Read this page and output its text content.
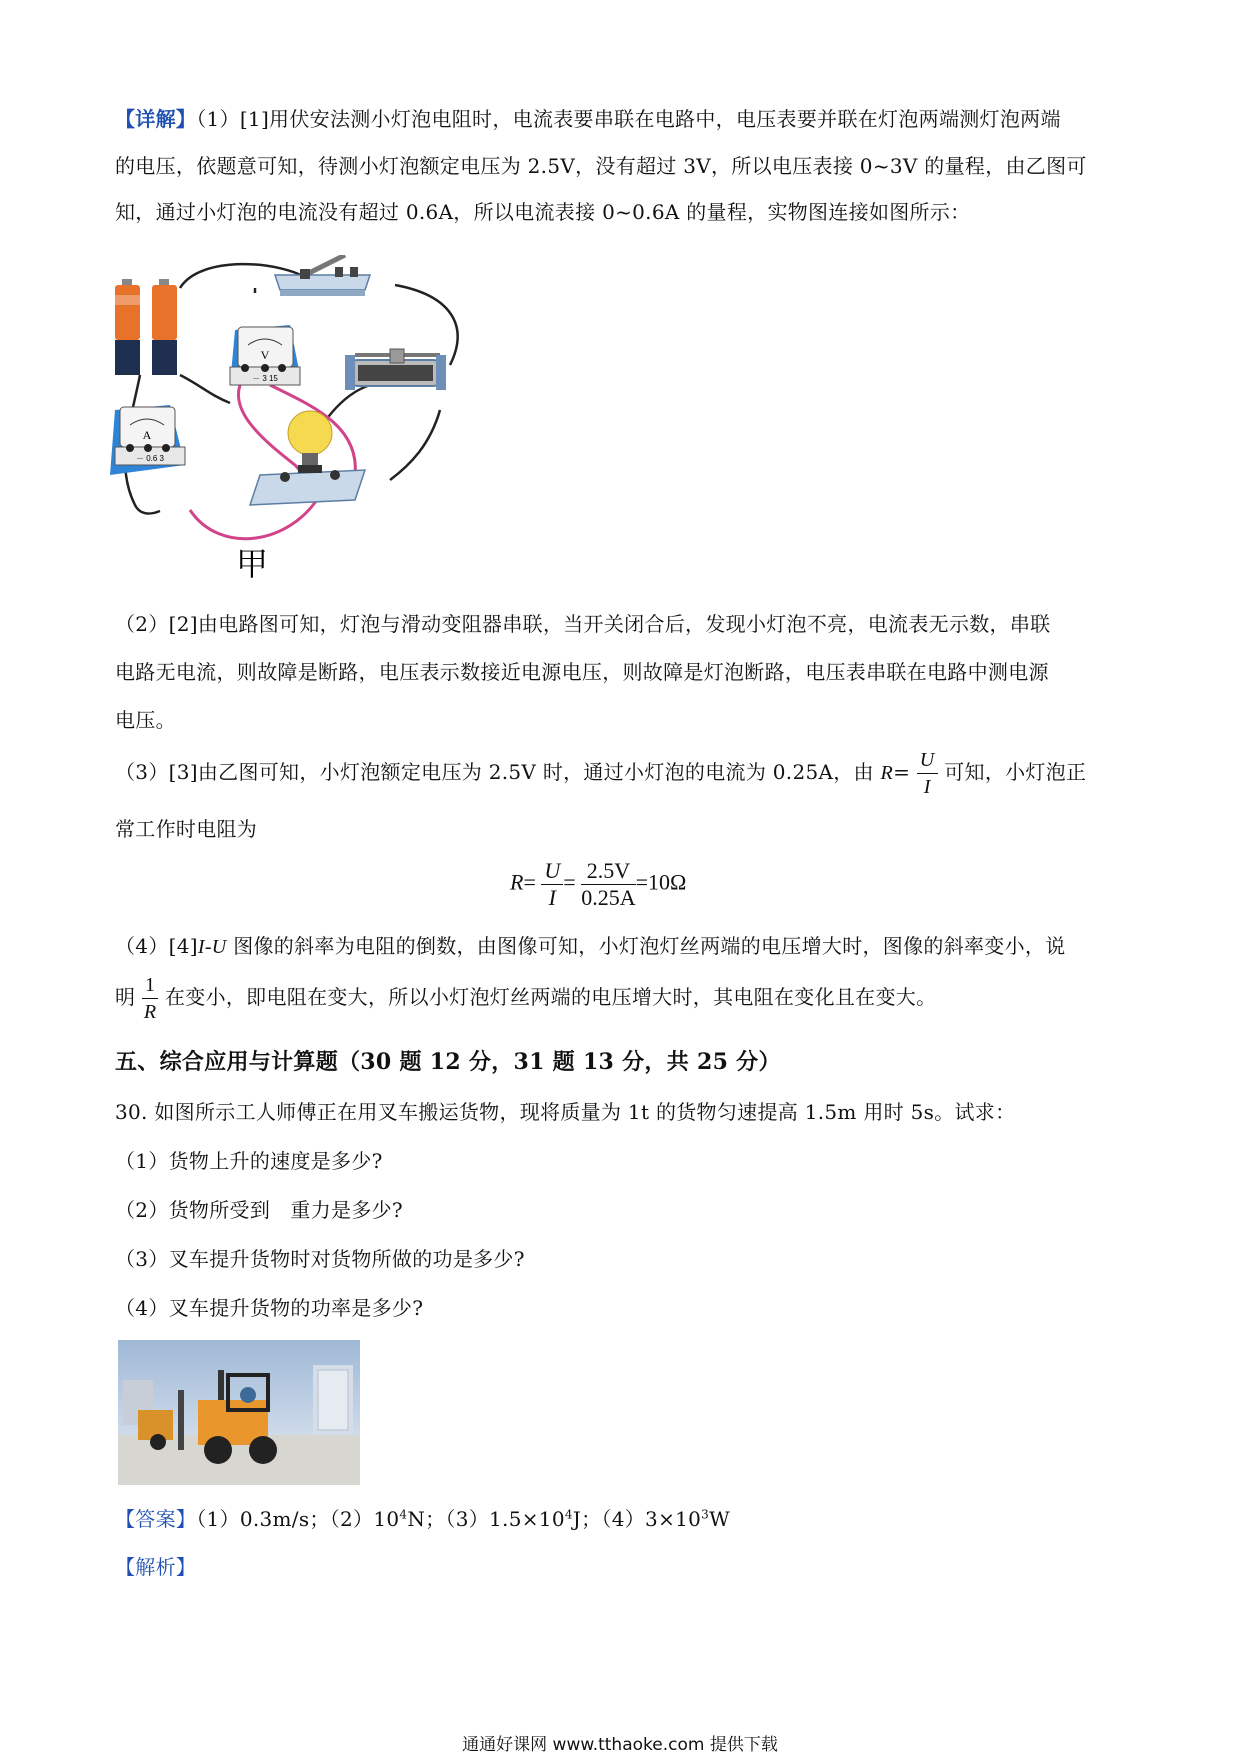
【详解】（1）[1]用伏安法测小灯泡电阻时，电流表要串联在电路中，电压表要并联在灯泡两端测灯泡两端
的电压，依题意可知，待测小灯泡额定电压为 2.5V，没有超过 3V，所以电压表接 0~3V 的量程，由乙图可
知，通过小灯泡的电流没有超过 0.6A，所以电流表接 0~0.6A 的量程，实物图连接如图所示：
V
－ 3 15
A
－ 0.6 3
甲
（2）[2]由电路图可知，灯泡与滑动变阻器串联，当开关闭合后，发现小灯泡不亮，电流表无示数，串联
电路无电流，则故障是断路，电压表示数接近电源电压，则故障是灯泡断路，电压表串联在电路中测电源
电压。
（3）[3]由乙图可知，小灯泡额定电压为 2.5V 时，通过小灯泡的电流为 0.25A，由 $R= \frac{U}{I}$ 可知，小灯泡正
常工作时电阻为
$R= \frac{U}{I} = \frac{2.5V}{0.25A} =10\Omega$
（4）[4]I-U 图像的斜率为电阻的倒数，由图像可知，小灯泡灯丝两端的电压增大时，图像的斜率变小，说
明 $\frac{1}{R}$ 在变小，即电阻在变大，所以小灯泡灯丝两端的电压增大时，其电阻在变化且在变大。
五、综合应用与计算题（30 题 12 分，31 题 13 分，共 25 分）
30. 如图所示工人师傅正在用叉车搬运货物，现将质量为 1t 的货物匀速提高 1.5m 用时 5s。试求：
（1）货物上升的速度是多少?
（2）货物所受到　重力是多少?
（3）叉车提升货物时对货物所做的功是多少?
（4）叉车提升货物的功率是多少?
【答案】（1）0.3m/s；$(2)10^4N$；$(3)1.5\times 10^4J$；$(4)3\times 10^3W$
【解析】
通通好课网 www.tthaoke.com 提供下载
